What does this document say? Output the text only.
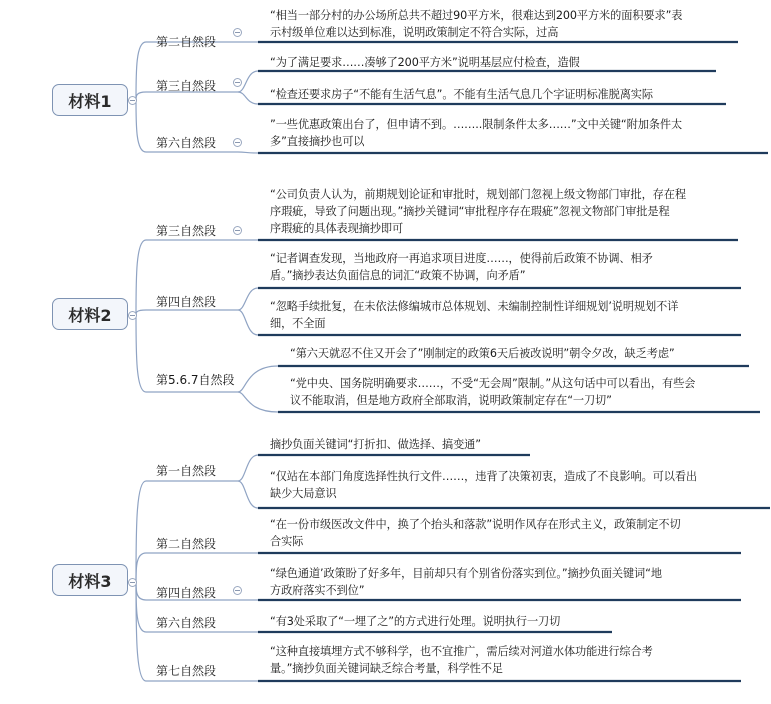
材料1
第二自然段
“相当一部分村的办公场所总共不超过90平方米，很难达到200平方米的面积要求”表
示村级单位难以达到标准，说明政策制定不符合实际，过高
第三自然段
“为了满足要求……凑够了200平方米”说明基层应付检查，造假
“检查还要求房子“不能有生活气息”。不能有生活气息几个字证明标准脱离实际
第六自然段
”一些优惠政策出台了，但申请不到。……..限制条件太多……”文中关键“附加条件太
多”直接摘抄也可以
材料2
第三自然段
“公司负责人认为，前期规划论证和审批时，规划部门忽视上级文物部门审批，存在程
序瑕疵，导致了问题出现。”摘抄关键词“审批程序存在瑕疵”忽视文物部门审批是程
序瑕疵的具体表现摘抄即可
第四自然段
“记者调查发现，当地政府一再追求项目进度……，使得前后政策不协调、相矛
盾。”摘抄表达负面信息的词汇“政策不协调，向矛盾”
“忽略手续批复，在未依法修编城市总体规划、未编制控制性详细规划’说明规划不详
细，不全面
第5.6.7自然段
“第六天就忍不住又开会了”刚制定的政策6天后被改说明”朝令夕改，缺乏考虑”
“党中央、国务院明确要求……，不受“无会周”限制。”从这句话中可以看出，有些会
议不能取消，但是地方政府全部取消，说明政策制定存在“一刀切”
材料3
第一自然段
摘抄负面关键词“打折扣、做选择、搞变通”
“仅站在本部门角度选择性执行文件……，违背了决策初衷，造成了不良影响。可以看出
缺少大局意识
第二自然段
“在一份市级医改文件中，换了个抬头和落款”说明作风存在形式主义，政策制定不切
合实际
第四自然段
“绿色通道’政策盼了好多年，目前却只有个别省份落实到位。”摘抄负面关键词“地
方政府落实不到位”
第六自然段	“有3处采取了“一埋了之”的方式进行处理。说明执行一刀切
第七自然段
“这种直接填埋方式不够科学，也不宜推广，需后续对河道水体功能进行综合考
量。”摘抄负面关键词缺乏综合考量，科学性不足
